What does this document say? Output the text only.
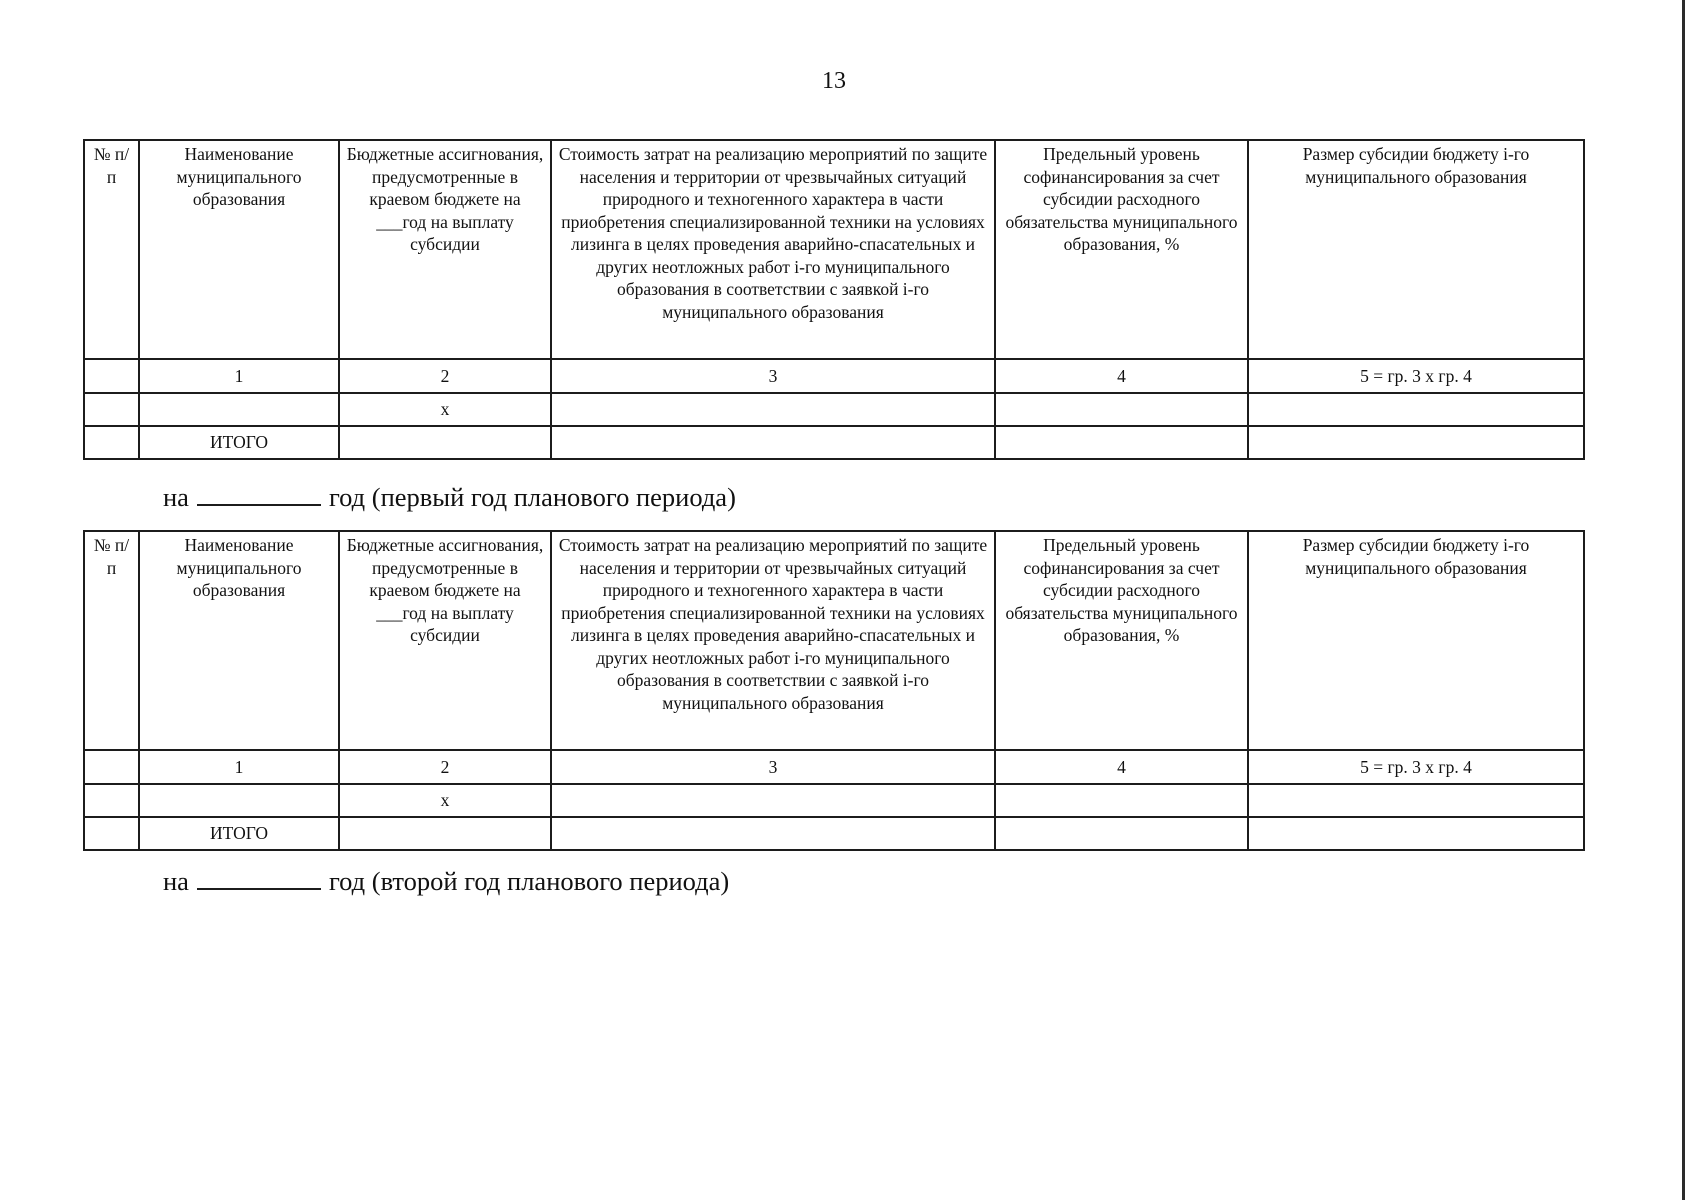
13
№ п/п	Наименование муниципального образования	Бюджетные ассигнования, предусмотренные в краевом бюджете на ___год на выплату субсидии	Стоимость затрат на реализацию мероприятий по защите населения и территории от чрезвычайных ситуаций природного и техногенного характера в части приобретения специализированной техники на условиях лизинга в целях проведения аварийно-спасательных и других неотложных работ i-го муниципального образования в соответствии с заявкой i-го муниципального образования	Предельный уровень софинансирования за счет субсидии расходного обязательства муниципального образования, %	Размер субсидии бюджету i-го муниципального образования
	1	2	3	4	5 = гр. 3 х гр. 4
		х			
	ИТОГО				
на	год (первый год планового периода)
№ п/п	Наименование муниципального образования	Бюджетные ассигнования, предусмотренные в краевом бюджете на ___год на выплату субсидии	Стоимость затрат на реализацию мероприятий по защите населения и территории от чрезвычайных ситуаций природного и техногенного характера в части приобретения специализированной техники на условиях лизинга в целях проведения аварийно-спасательных и других неотложных работ i-го муниципального образования в соответствии с заявкой i-го муниципального образования	Предельный уровень софинансирования за счет субсидии расходного обязательства муниципального образования, %	Размер субсидии бюджету i-го муниципального образования
	1	2	3	4	5 = гр. 3 х гр. 4
		х			
	ИТОГО				
на	год (второй год планового периода)
